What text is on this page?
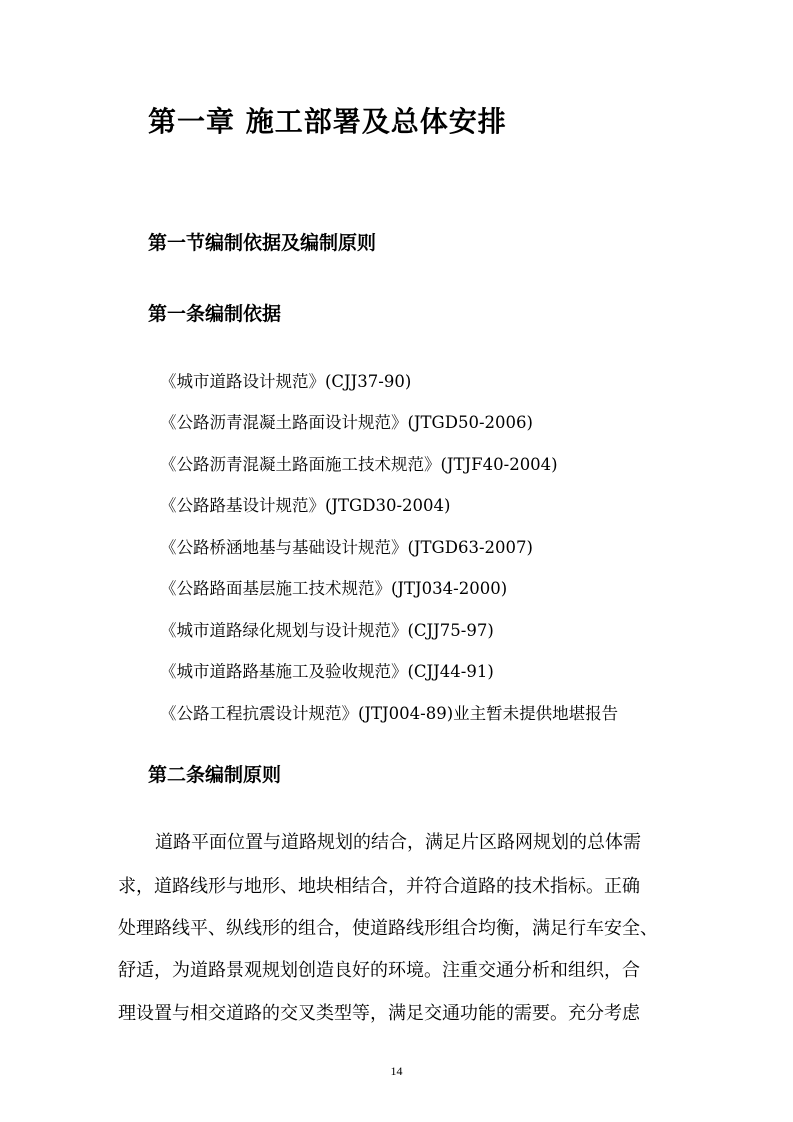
第一章 施工部署及总体安排
第一节编制依据及编制原则
第一条编制依据
《城市道路设计规范》(CJJ37-90)
《公路沥青混凝土路面设计规范》(JTGD50-2006)
《公路沥青混凝土路面施工技术规范》(JTJF40-2004)
《公路路基设计规范》(JTGD30-2004)
《公路桥涵地基与基础设计规范》(JTGD63-2007)
《公路路面基层施工技术规范》(JTJ034-2000)
《城市道路绿化规划与设计规范》(CJJ75-97)
《城市道路路基施工及验收规范》(CJJ44-91)
《公路工程抗震设计规范》(JTJ004-89)业主暂未提供地堪报告
第二条编制原则
道路平面位置与道路规划的结合，满足片区路网规划的总体需
求，道路线形与地形、地块相结合，并符合道路的技术指标。正确
处理路线平、纵线形的组合，使道路线形组合均衡，满足行车安全、
舒适，为道路景观规划创造良好的环境。注重交通分析和组织，合
理设置与相交道路的交叉类型等，满足交通功能的需要。充分考虑
14
